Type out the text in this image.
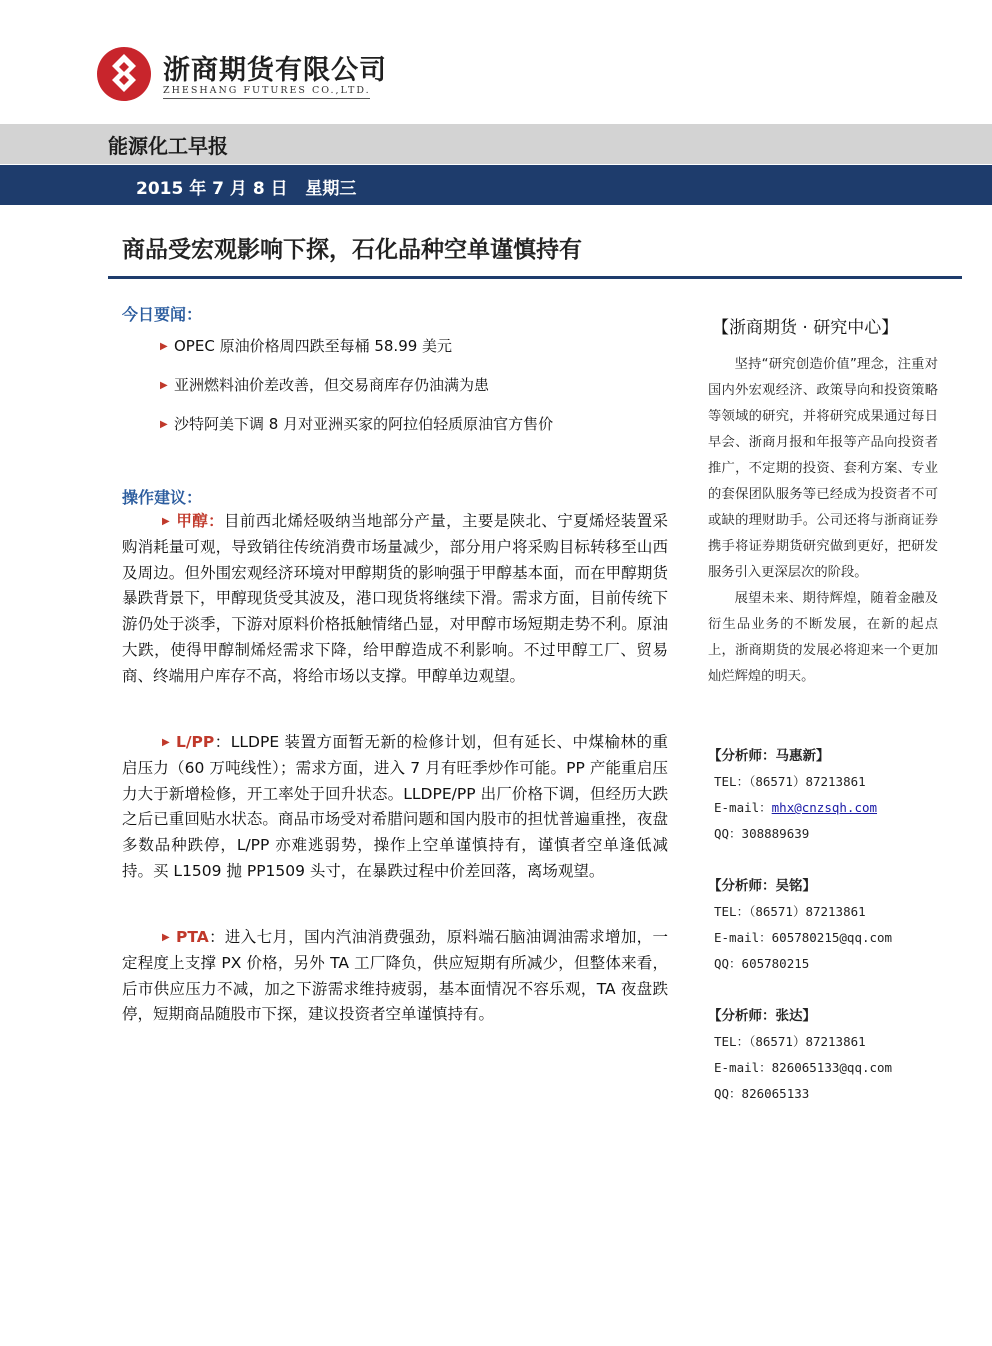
浙商期货有限公司
ZHESHANG FUTURES CO.,LTD.
能源化工早报
2015 年 7 月 8 日   星期三
商品受宏观影响下探，石化品种空单谨慎持有
今日要闻：
▶ OPEC 原油价格周四跌至每桶 58.99 美元
▶ 亚洲燃料油价差改善，但交易商库存仍油满为患
▶ 沙特阿美下调 8 月对亚洲买家的阿拉伯轻质原油官方售价
操作建议：
▶ 甲醇：目前西北烯烃吸纳当地部分产量，主要是陕北、宁夏烯烃装置采购消耗量可观，导致销往传统消费市场量减少，部分用户将采购目标转移至山西及周边。但外围宏观经济环境对甲醇期货的影响强于甲醇基本面，而在甲醇期货暴跌背景下，甲醇现货受其波及，港口现货将继续下滑。需求方面，目前传统下游仍处于淡季，下游对原料价格抵触情绪凸显，对甲醇市场短期走势不利。原油大跌，使得甲醇制烯烃需求下降，给甲醇造成不利影响。不过甲醇工厂、贸易商、终端用户库存不高，将给市场以支撑。甲醇单边观望。
▶ L/PP：LLDPE 装置方面暂无新的检修计划，但有延长、中煤榆林的重启压力（60 万吨线性）；需求方面，进入 7 月有旺季炒作可能。PP 产能重启压力大于新增检修，开工率处于回升状态。LLDPE/PP 出厂价格下调，但经历大跌之后已重回贴水状态。商品市场受对希腊问题和国内股市的担忧普遍重挫，夜盘多数品种跌停，L/PP 亦难逃弱势，操作上空单谨慎持有，谨慎者空单逢低减持。买 L1509 抛 PP1509 头寸，在暴跌过程中价差回落，离场观望。
▶ PTA：进入七月，国内汽油消费强劲，原料端石脑油调油需求增加，一定程度上支撑 PX 价格，另外 TA 工厂降负，供应短期有所减少，但整体来看，后市供应压力不减，加之下游需求维持疲弱，基本面情况不容乐观，TA 夜盘跌停，短期商品随股市下探，建议投资者空单谨慎持有。
【浙商期货 · 研究中心】

坚持“研究创造价值”理念，注重对国内外宏观经济、政策导向和投资策略等领域的研究，并将研究成果通过每日早会、浙商月报和年报等产品向投资者推广，不定期的投资、套利方案、专业的套保团队服务等已经成为投资者不可或缺的理财助手。公司还将与浙商证券携手将证券期货研究做到更好，把研发服务引入更深层次的阶段。

展望未来、期待辉煌，随着金融及衍生品业务的不断发展，在新的起点上，浙商期货的发展必将迎来一个更加灿烂辉煌的明天。

【分析师：马惠新】
TEL：（86571）87213861
E-mail：mhx@cnzsqh.com
QQ：308889639
【分析师：吴铭】
TEL：（86571）87213861
E-mail：605780215@qq.com
QQ：605780215
【分析师：张达】
TEL：（86571）87213861
E-mail：826065133@qq.com
QQ：826065133
